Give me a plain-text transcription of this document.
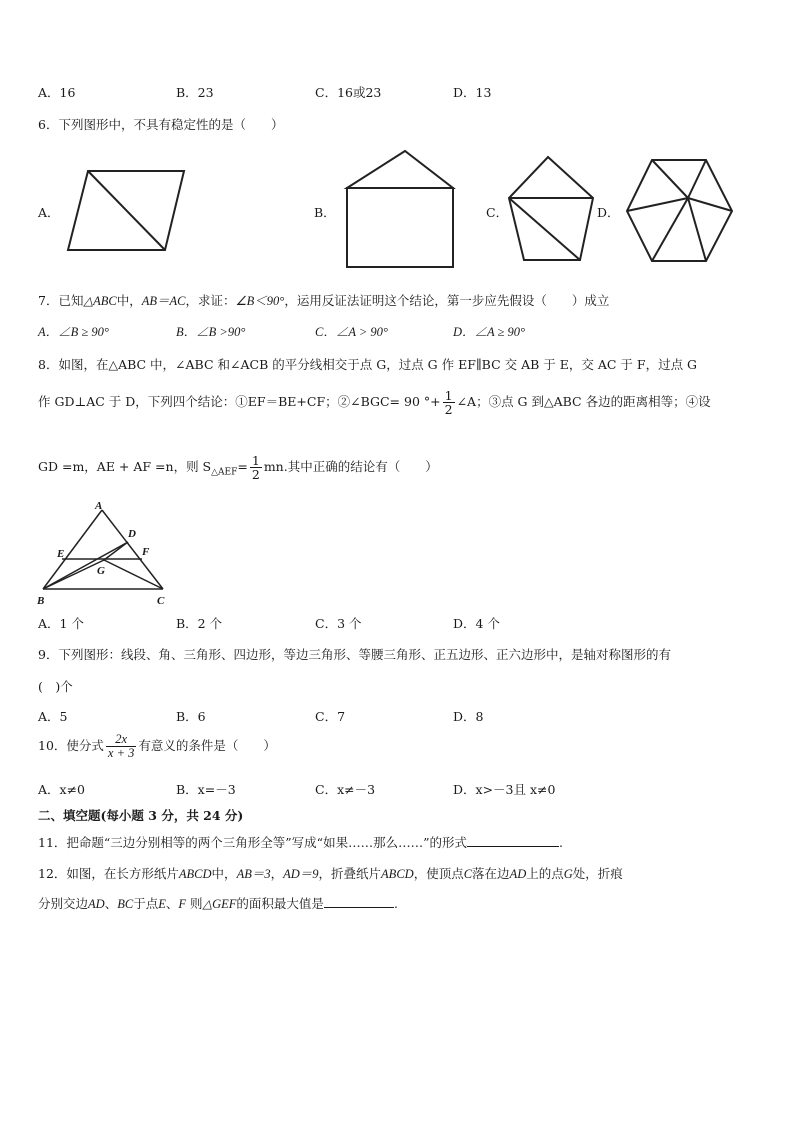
A．16	B．23	C．16或23	D．13
6．下列图形中，不具有稳定性的是（　　）
A．	B．	C．	D．
7．已知△ABC中，AB＝AC，求证：∠B＜90°，运用反证法证明这个结论，第一步应先假设（　　）成立
A．∠B ≥ 90°	B．∠B >90°	C．∠A > 90°	D．∠A ≥ 90°
8．如图，在△ABC 中，∠ABC 和∠ACB 的平分线相交于点 G，过点 G 作 EF∥BC 交 AB 于 E，交 AC 于 F，过点 G
作 GD⊥AC 于 D，下列四个结论：①EF＝BE+CF；②∠BGC= 90 °+ $\frac{1}{2}$ ∠A；③点 G 到△ABC 各边的距离相等；④设
GD =m，AE + AF =n，则 $S_{\triangle AEF}= \frac{1}{2}$ mn.其中正确的结论有（　　）
A
B	C
D
E	F
G
A．1 个	B．2 个	C．3 个	D．4 个
9．下列图形：线段、角、三角形、四边形，等边三角形、等腰三角形、正五边形、正六边形中，是轴对称图形的有
(　)个
A．5	B．6	C．7	D．8
10．使分式 $\frac{2x}{x + 3}$ 有意义的条件是（　　）
A．x≠0	B．x=－3	C．x≠－3	D．x>－3且 x≠0
二、填空题(每小题 3 分，共 24 分)
11．把命题“三边分别相等的两个三角形全等”写成“如果……那么……”的形式	.
12．如图，在长方形纸片ABCD中，AB＝3，AD＝9，折叠纸片ABCD，使顶点C落在边AD上的点G处，折痕
分别交边AD、BC于点E、F 则△GEF的面积最大值是	.
